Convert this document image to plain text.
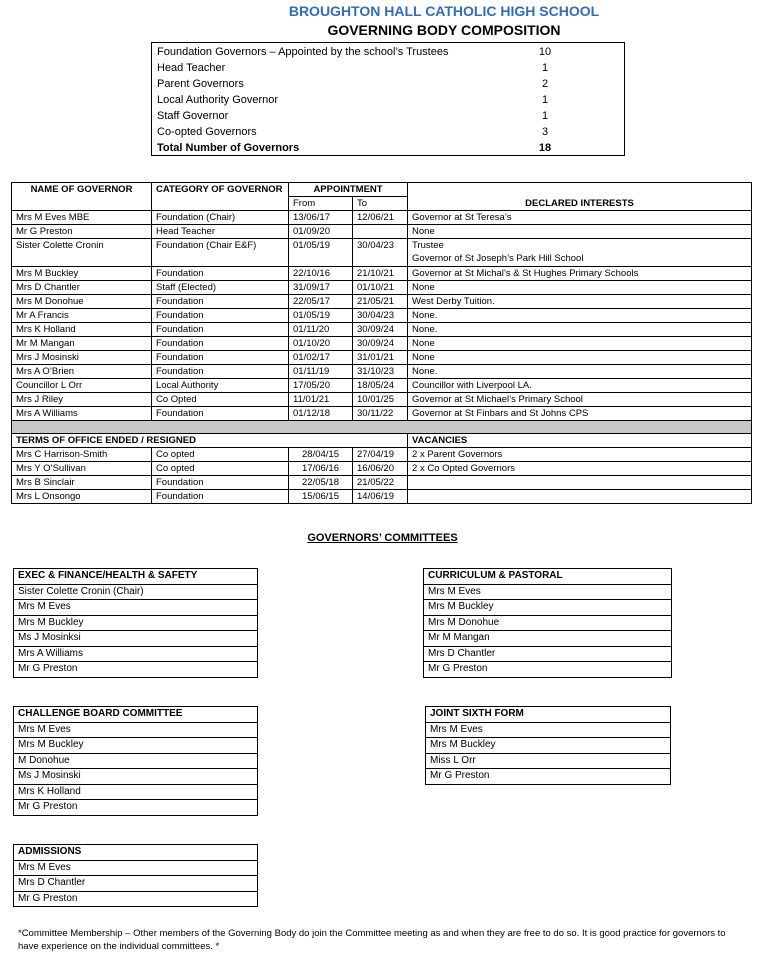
BROUGHTON HALL CATHOLIC HIGH SCHOOL
GOVERNING BODY COMPOSITION
Foundation Governors – Appointed by the school’s Trustees	10
Head Teacher	1
Parent Governors	2
Local Authority Governor	1
Staff Governor	1
Co-opted Governors	3
Total Number of Governors	18
NAME OF GOVERNOR	CATEGORY OF GOVERNOR	APPOINTMENT		DECLARED INTERESTS
		From	To	
Mrs M Eves MBE	Foundation (Chair)	13/06/17	12/06/21	Governor at St Teresa’s
Mr G Preston	Head Teacher	01/09/20		None
Sister Colette Cronin	Foundation (Chair E&F)	01/05/19	30/04/23	Trustee
Governor of St Joseph’s Park Hill School

Mrs M Buckley	Foundation	22/10/16	21/10/21	Governor at St Michal’s & St Hughes Primary Schools
Mrs D Chantler	Staff (Elected)	31/09/17	01/10/21	None
Mrs M Donohue	Foundation	22/05/17	21/05/21	West Derby Tuition.
Mr A Francis	Foundation	01/05/19	30/04/23	None.
Mrs K Holland	Foundation	01/11/20	30/09/24	None.
Mr M Mangan	Foundation	01/10/20	30/09/24	None
Mrs J Mosinski	Foundation	01/02/17	31/01/21	None
Mrs A O’Brien	Foundation	01/11/19	31/10/23	None.
Councillor L Orr	Local Authority	17/05/20	18/05/24	Councillor with Liverpool LA.
Mrs J Riley	Co Opted	11/01/21	10/01/25	Governor at St Michael’s Primary School
Mrs A Williams	Foundation	01/12/18	30/11/22	Governor at St Finbars and St Johns CPS

TERMS OF OFFICE ENDED / RESIGNED				VACANCIES
Mrs C Harrison-Smith	Co opted	28/04/15	27/04/19	2 x Parent Governors
Mrs Y O’Sullivan	Co opted	17/06/16	16/06/20	2 x Co Opted Governors
Mrs B Sinclair	Foundation	22/05/18	21/05/22	
Mrs L Onsongo	Foundation	15/06/15	14/06/19	
GOVERNORS’ COMMITTEES
EXEC & FINANCE/HEALTH & SAFETY
Sister Colette Cronin (Chair)
Mrs M Eves
Mrs M Buckley
Ms J Mosinksi
Mrs A Williams
Mr G Preston
CURRICULUM & PASTORAL
Mrs M Eves
Mrs M Buckley
Mrs M Donohue
Mr M Mangan
Mrs D Chantler
Mr G Preston
CHALLENGE BOARD COMMITTEE
Mrs M Eves
Mrs M Buckley
M Donohue
Ms J Mosinski
Mrs K Holland
Mr G Preston
JOINT SIXTH FORM
Mrs M Eves
Mrs M Buckley
Miss L Orr
Mr G Preston
ADMISSIONS
Mrs M Eves
Mrs D Chantler
Mr G Preston
*Committee Membership – Other members of the Governing Body do join the Committee meeting as and when they are free to do so. It is good practice for governors to have experience on the individual committees. *
